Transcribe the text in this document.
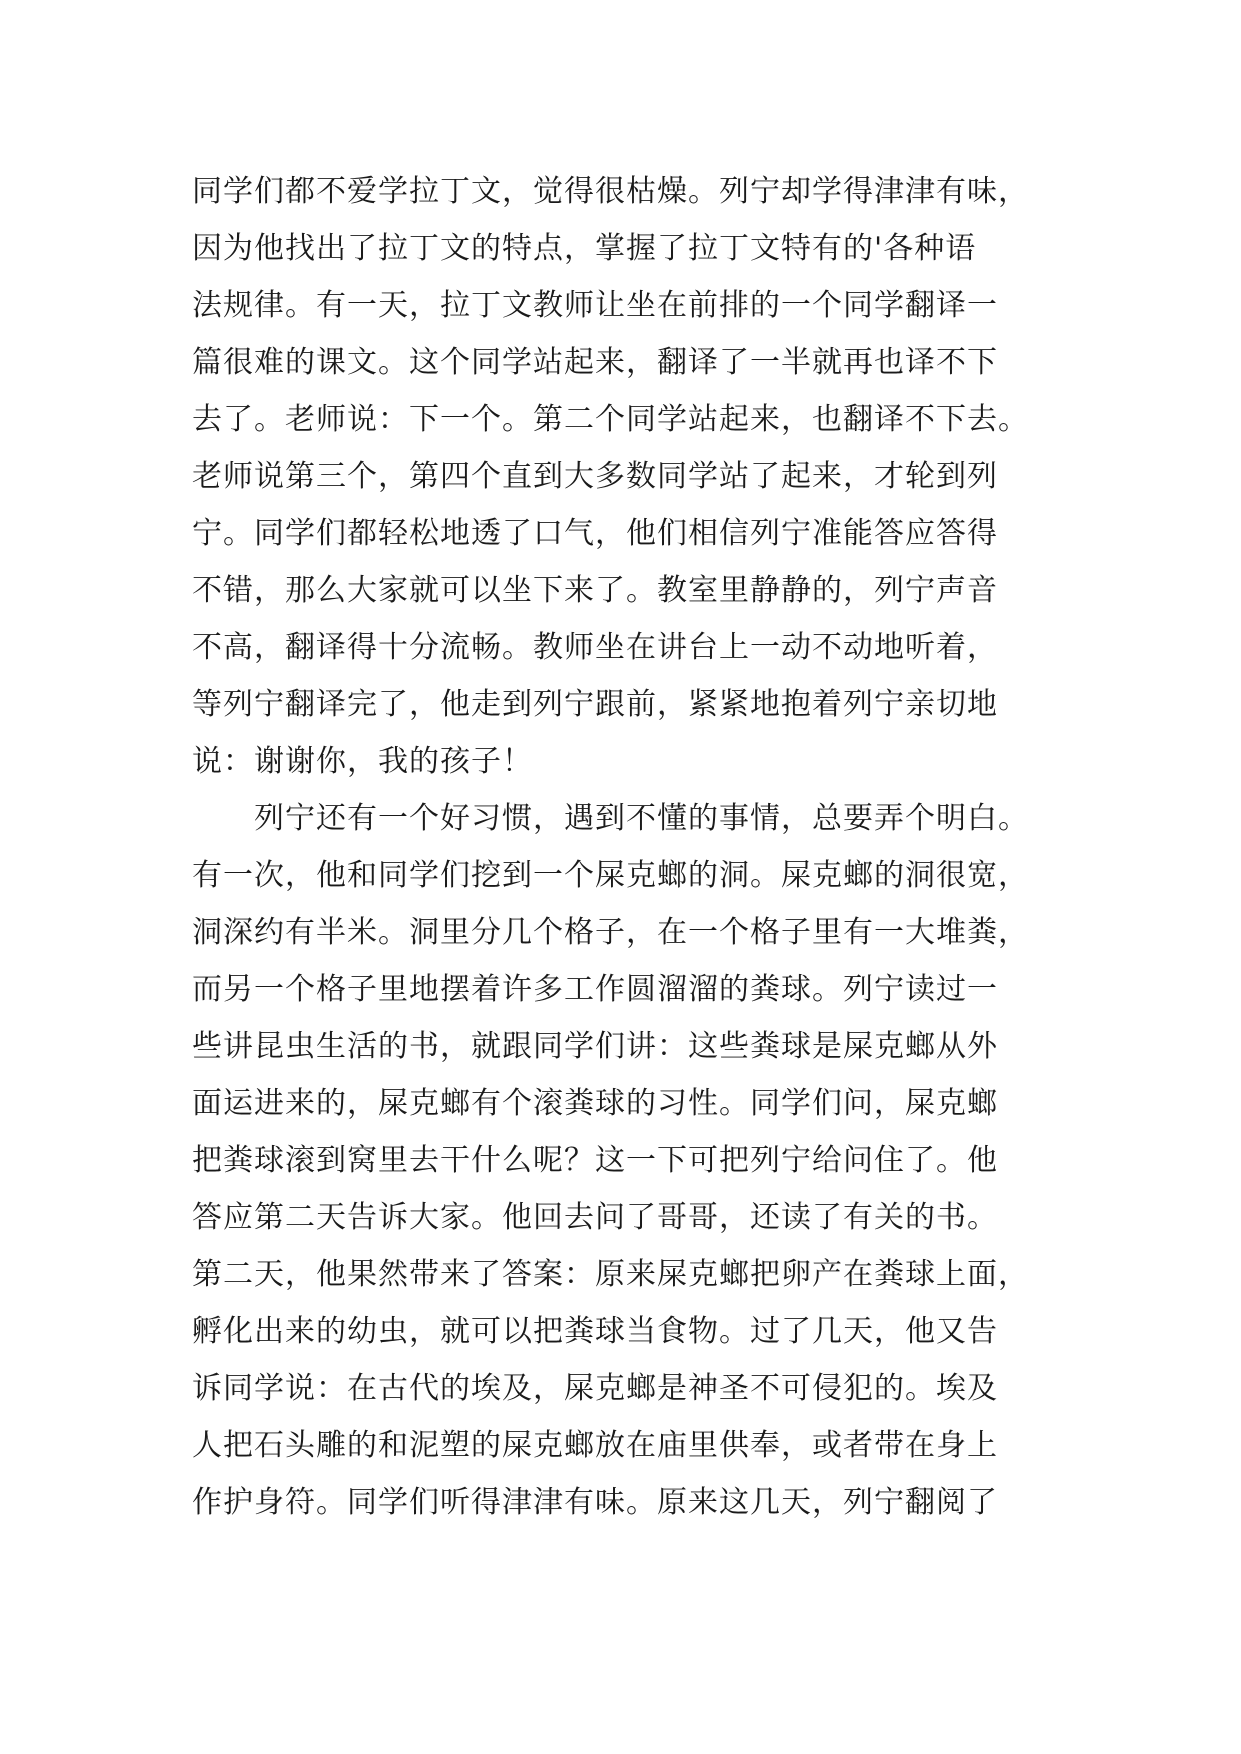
同学们都不爱学拉丁文，觉得很枯燥。列宁却学得津津有味，
因为他找出了拉丁文的特点，掌握了拉丁文特有的'各种语
法规律。有一天，拉丁文教师让坐在前排的一个同学翻译一
篇很难的课文。这个同学站起来，翻译了一半就再也译不下
去了。老师说：下一个。第二个同学站起来，也翻译不下去。
老师说第三个，第四个直到大多数同学站了起来，才轮到列
宁。同学们都轻松地透了口气，他们相信列宁准能答应答得
不错，那么大家就可以坐下来了。教室里静静的，列宁声音
不高，翻译得十分流畅。教师坐在讲台上一动不动地听着，
等列宁翻译完了，他走到列宁跟前，紧紧地抱着列宁亲切地
说：谢谢你，我的孩子！
　　列宁还有一个好习惯，遇到不懂的事情，总要弄个明白。
有一次，他和同学们挖到一个屎克螂的洞。屎克螂的洞很宽，
洞深约有半米。洞里分几个格子，在一个格子里有一大堆粪，
而另一个格子里地摆着许多工作圆溜溜的粪球。列宁读过一
些讲昆虫生活的书，就跟同学们讲：这些粪球是屎克螂从外
面运进来的，屎克螂有个滚粪球的习性。同学们问，屎克螂
把粪球滚到窝里去干什么呢？这一下可把列宁给问住了。他
答应第二天告诉大家。他回去问了哥哥，还读了有关的书。
第二天，他果然带来了答案：原来屎克螂把卵产在粪球上面，
孵化出来的幼虫，就可以把粪球当食物。过了几天，他又告
诉同学说：在古代的埃及，屎克螂是神圣不可侵犯的。埃及
人把石头雕的和泥塑的屎克螂放在庙里供奉，或者带在身上
作护身符。同学们听得津津有味。原来这几天，列宁翻阅了
